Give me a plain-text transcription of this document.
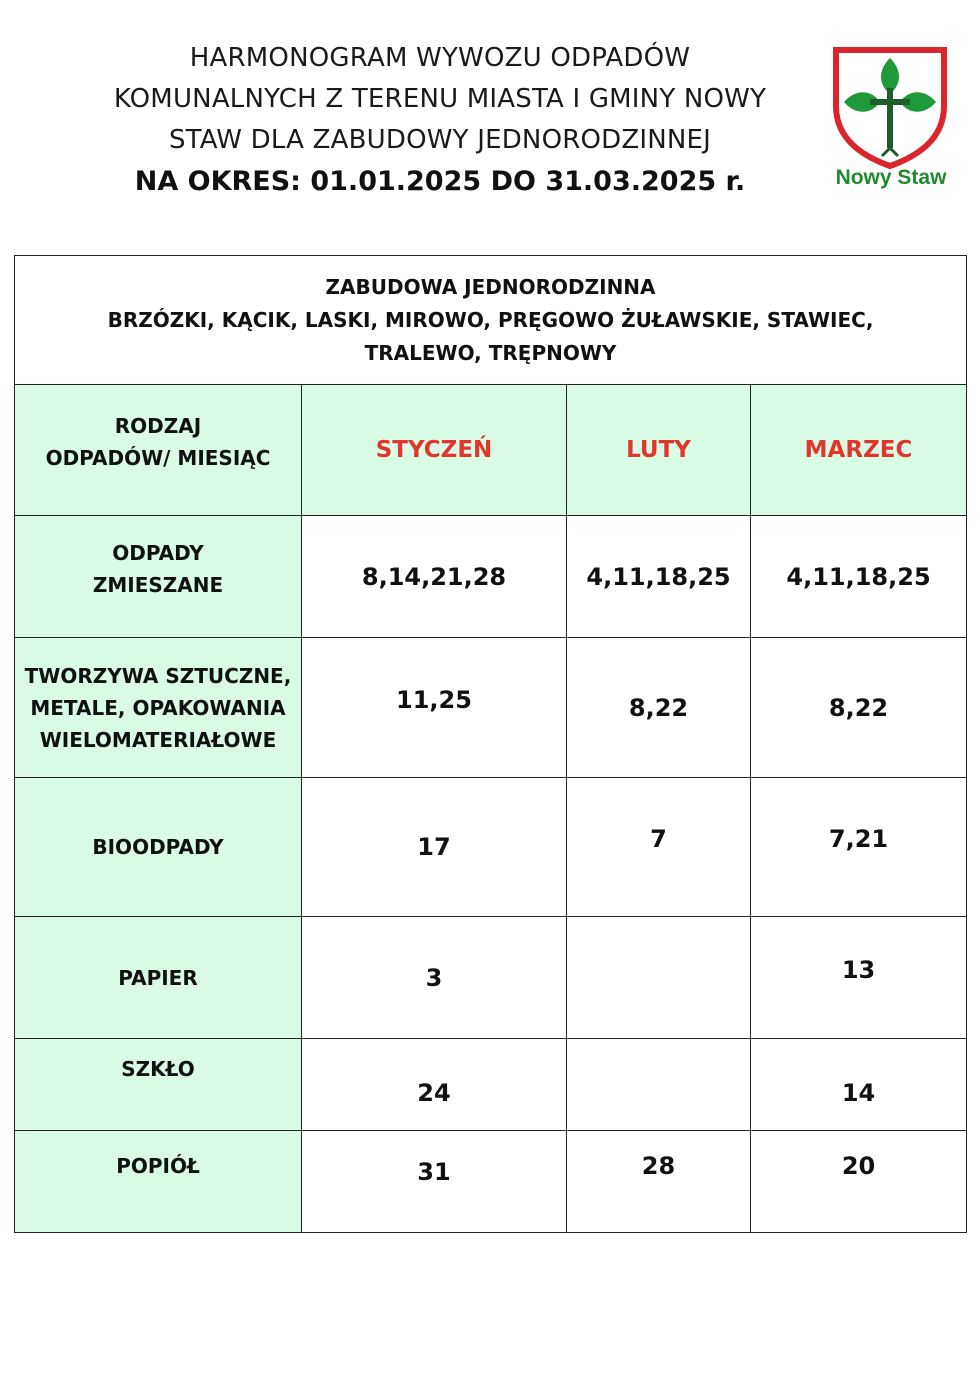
HARMONOGRAM WYWOZU ODPADÓW
KOMUNALNYCH Z TERENU MIASTA I GMINY NOWY
STAW DLA ZABUDOWY JEDNORODZINNEJ
NA OKRES: 01.01.2025 DO 31.03.2025 r.	Nowy Staw
ZABUDOWA JEDNORODZINNA
BRZÓZKI, KĄCIK, LASKI, MIROWO, PRĘGOWO ŻUŁAWSKIE, STAWIEC,
TRALEWO, TRĘPNOWY			

RODZAJ
ODPADÓW/ MIESIĄC	STYCZEŃ	LUTY	MARZEC

ODPADY
ZMIESZANE	8,14,21,28	4,11,18,25	4,11,18,25

TWORZYWA SZTUCZNE,
METALE, OPAKOWANIA
WIELOMATERIAŁOWE	11,25	8,22	8,22

BIOODPADY	17	7	7,21

PAPIER	3		13

SZKŁO	24		14

POPIÓŁ	31	28	20
